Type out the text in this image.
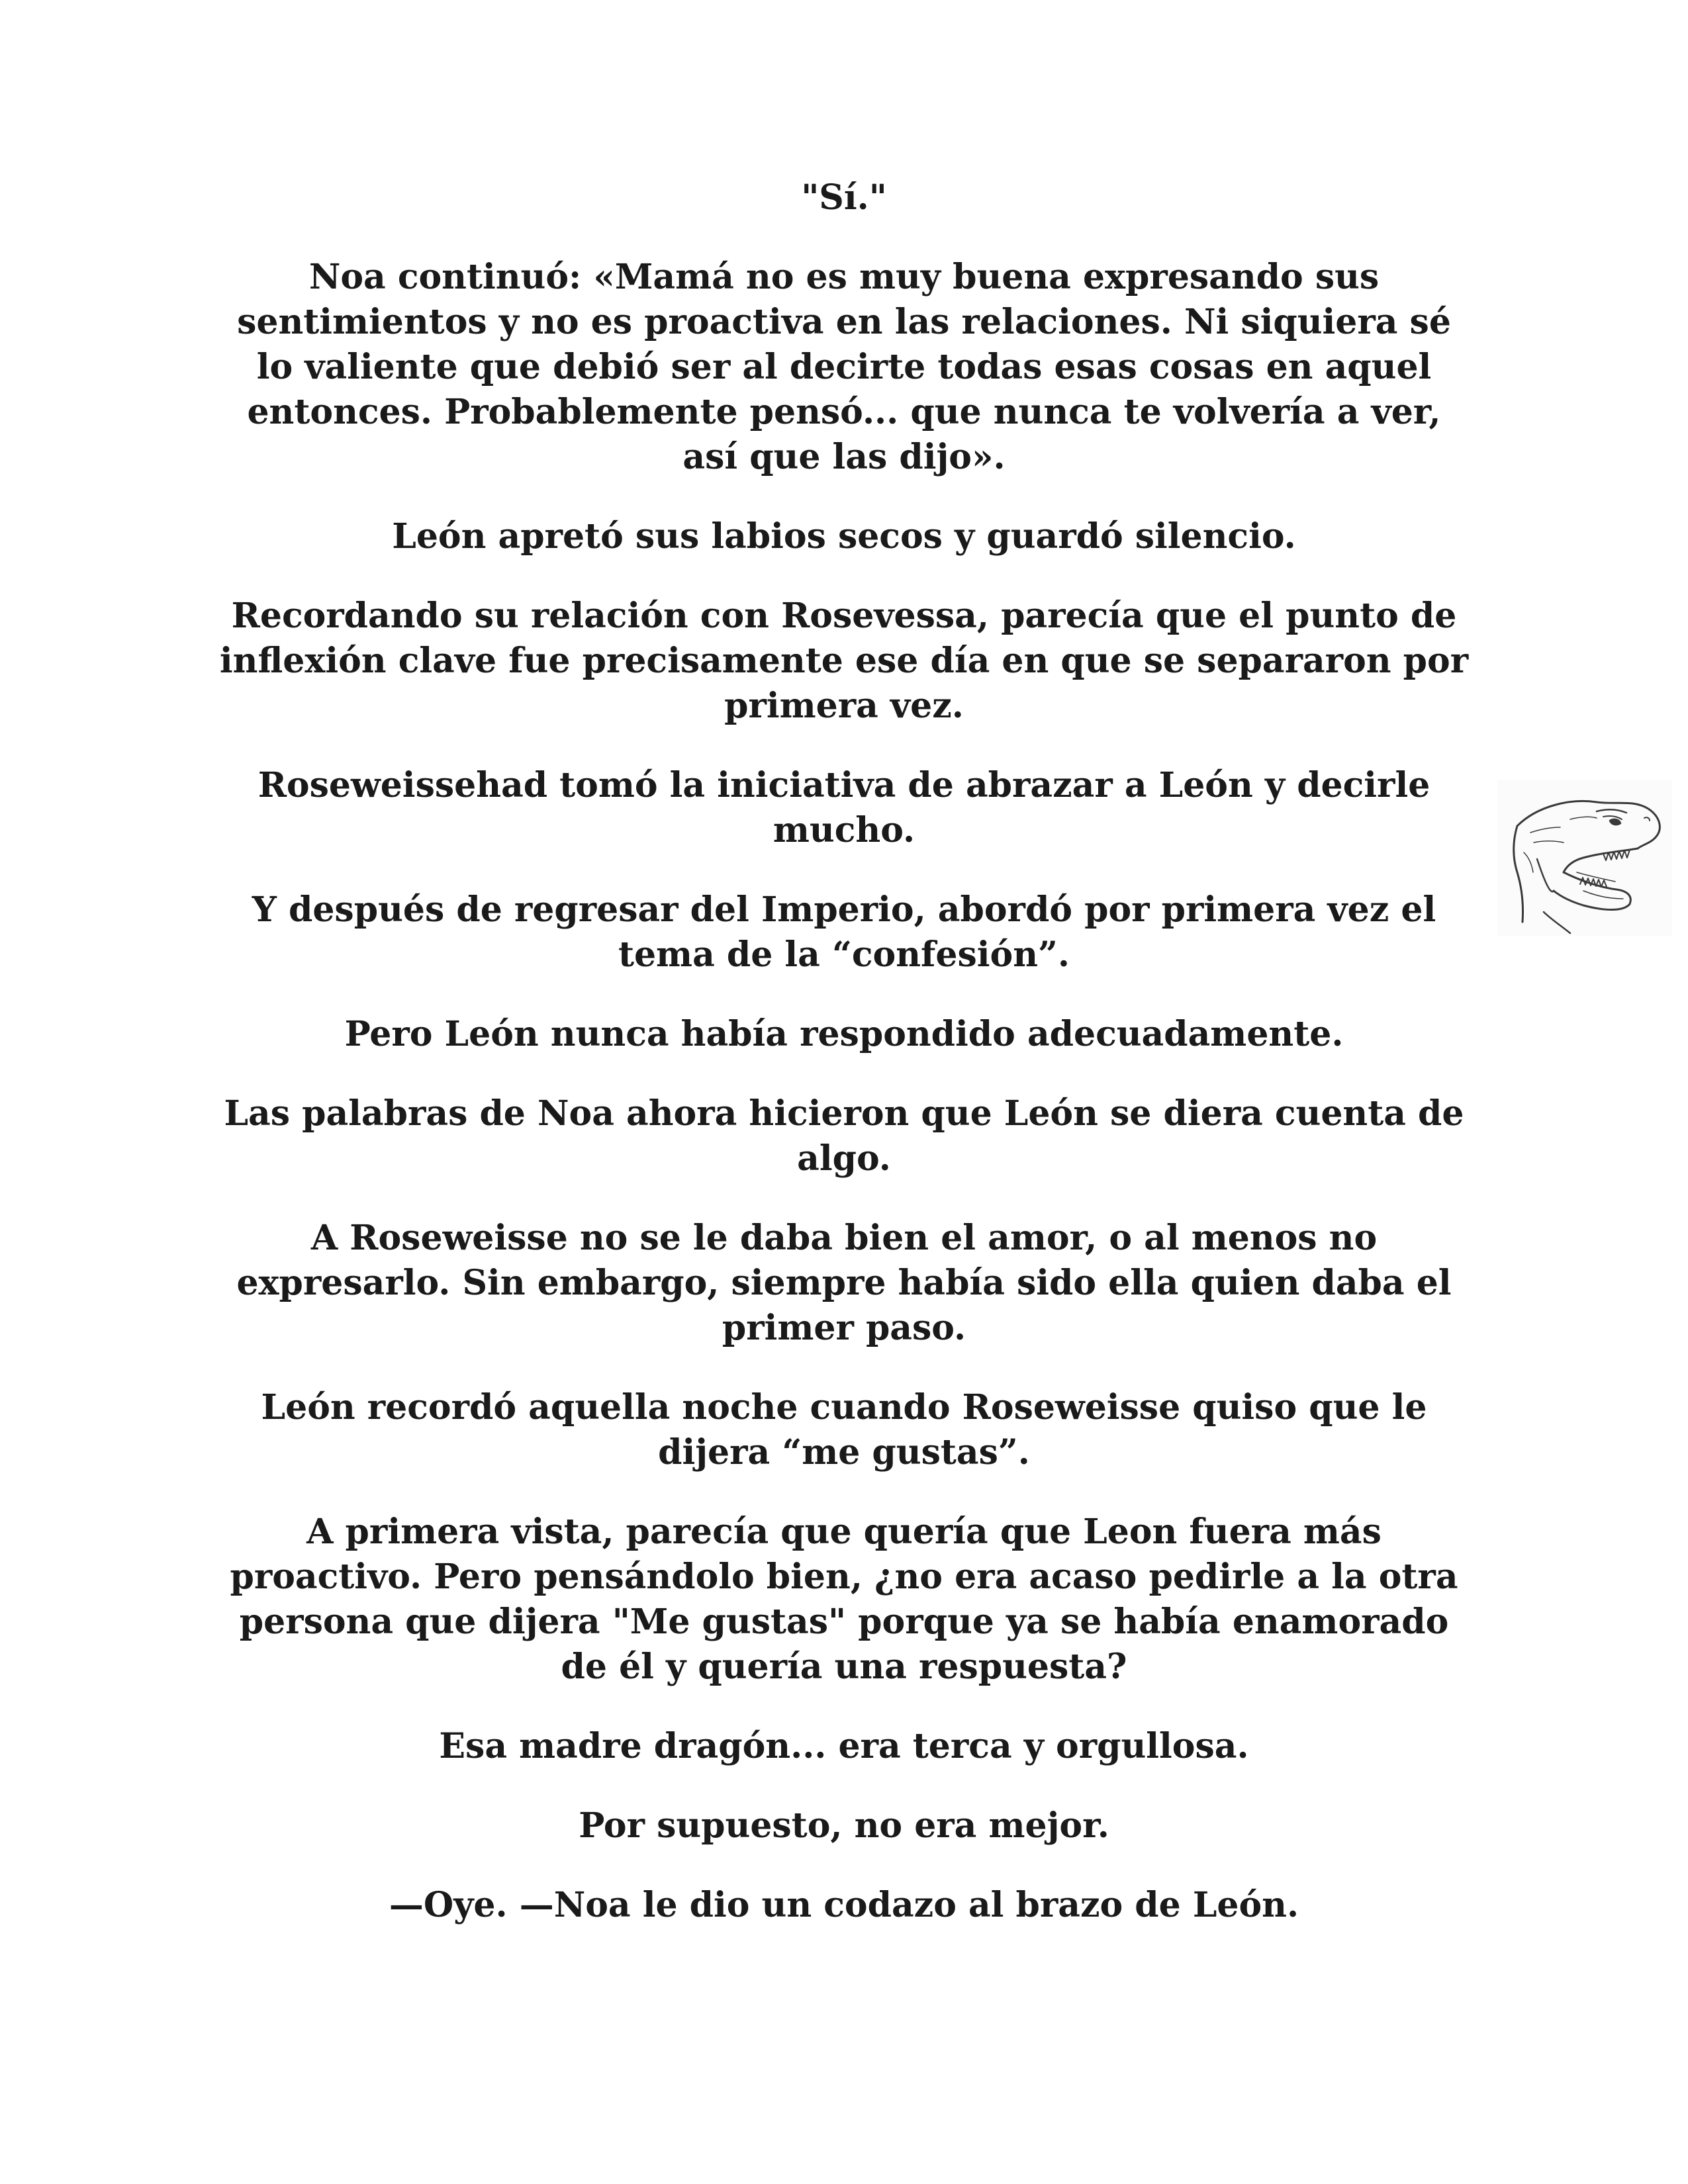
"Sí."

Noa continuó: «Mamá no es muy buena expresando sus sentimientos y no es proactiva en las relaciones. Ni siquiera sé lo valiente que debió ser al decirte todas esas cosas en aquel entonces. Probablemente pensó... que nunca te volvería a ver, así que las dijo».

León apretó sus labios secos y guardó silencio.

Recordando su relación con Rosevessa, parecía que el punto de inflexión clave fue precisamente ese día en que se separaron por primera vez.

Roseweissehad tomó la iniciativa de abrazar a León y decirle mucho.

Y después de regresar del Imperio, abordó por primera vez el tema de la “confesión”.

Pero León nunca había respondido adecuadamente.

Las palabras de Noa ahora hicieron que León se diera cuenta de algo.

A Roseweisse no se le daba bien el amor, o al menos no expresarlo. Sin embargo, siempre había sido ella quien daba el primer paso.

León recordó aquella noche cuando Roseweisse quiso que le dijera “me gustas”.

A primera vista, parecía que quería que Leon fuera más proactivo. Pero pensándolo bien, ¿no era acaso pedirle a la otra persona que dijera "Me gustas" porque ya se había enamorado de él y quería una respuesta?

Esa madre dragón... era terca y orgullosa.

Por supuesto, no era mejor.

—Oye. —Noa le dio un codazo al brazo de León.
